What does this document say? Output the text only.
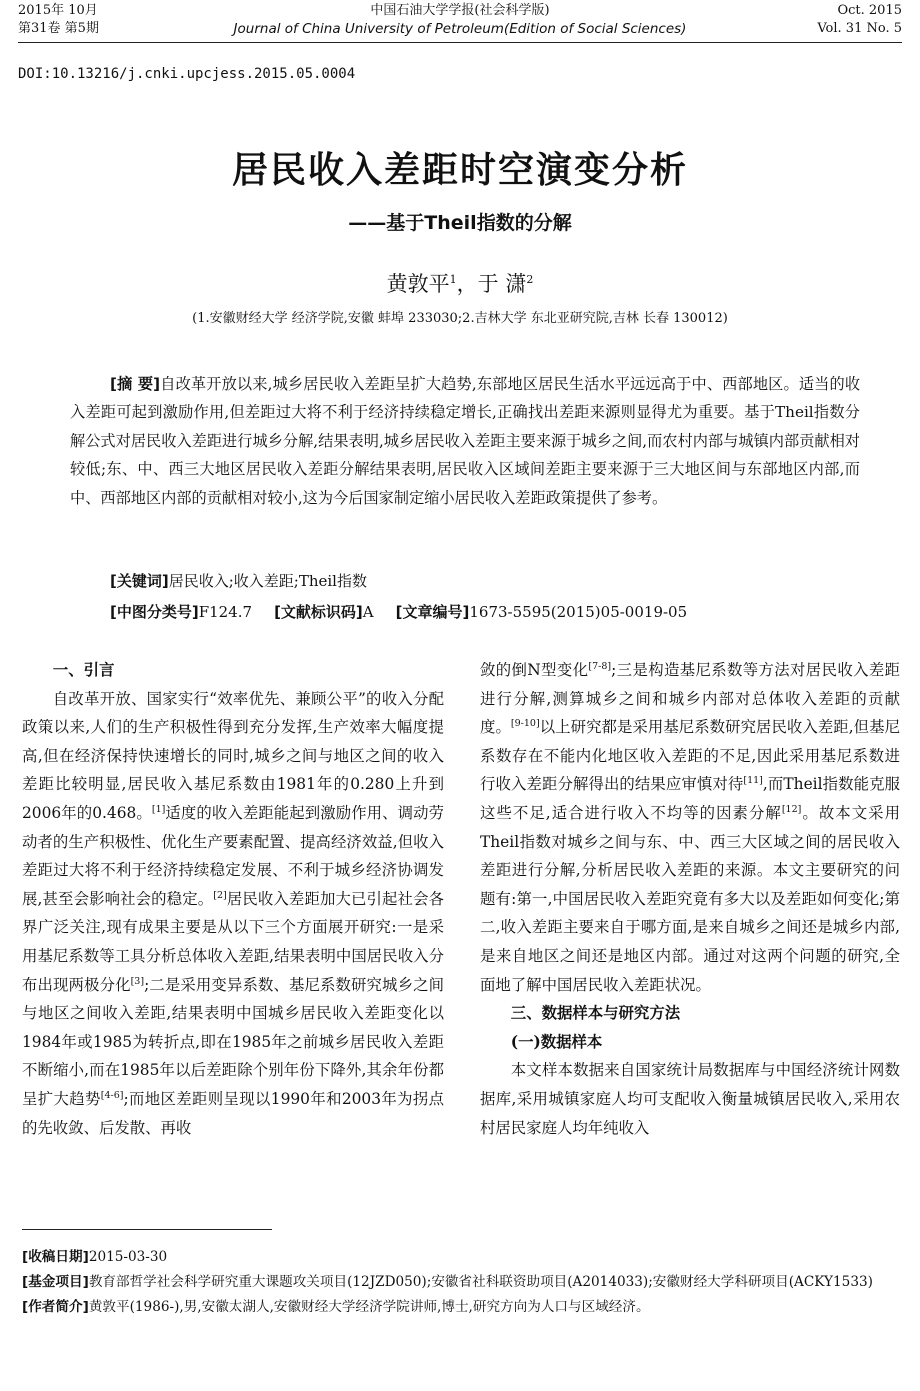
2015年 10月
第31卷 第5期
中国石油大学学报(社会科学版)
Journal of China University of Petroleum(Edition of Social Sciences)
Oct. 2015
Vol. 31 No. 5
DOI:10.13216/j.cnki.upcjess.2015.05.0004
居民收入差距时空演变分析
——基于Theil指数的分解
黄敦平$^1$，于 潇$^2$
(1.安徽财经大学 经济学院,安徽 蚌埠 233030;2.吉林大学 东北亚研究院,吉林 长春 130012)
[摘 要]自改革开放以来,城乡居民收入差距呈扩大趋势,东部地区居民生活水平远远高于中、西部地区。适当的收入差距可起到激励作用,但差距过大将不利于经济持续稳定增长,正确找出差距来源则显得尤为重要。基于Theil指数分解公式对居民收入差距进行城乡分解,结果表明,城乡居民收入差距主要来源于城乡之间,而农村内部与城镇内部贡献相对较低;东、中、西三大地区居民收入差距分解结果表明,居民收入区域间差距主要来源于三大地区间与东部地区内部,而中、西部地区内部的贡献相对较小,这为今后国家制定缩小居民收入差距政策提供了参考。
[关键词]居民收入;收入差距;Theil指数
[中图分类号]F124.7 [文献标识码]A [文章编号]1673-5595(2015)05-0019-05
一、引言

自改革开放、国家实行“效率优先、兼顾公平”的收入分配政策以来,人们的生产积极性得到充分发挥,生产效率大幅度提高,但在经济保持快速增长的同时,城乡之间与地区之间的收入差距比较明显,居民收入基尼系数由1981年的0.280上升到2006年的0.468。[1]适度的收入差距能起到激励作用、调动劳动者的生产积极性、优化生产要素配置、提高经济效益,但收入差距过大将不利于经济持续稳定发展、不利于城乡经济协调发展,甚至会影响社会的稳定。[2]居民收入差距加大已引起社会各界广泛关注,现有成果主要是从以下三个方面展开研究:一是采用基尼系数等工具分析总体收入差距,结果表明中国居民收入分布出现两极分化[3];二是采用变异系数、基尼系数研究城乡之间与地区之间收入差距,结果表明中国城乡居民收入差距变化以1984年或1985为转折点,即在1985年之前城乡居民收入差距不断缩小,而在1985年以后差距除个别年份下降外,其余年份都呈扩大趋势[4-6];而地区差距则呈现以1990年和2003年为拐点的先收敛、后发散、再收

敛的倒N型变化[7-8];三是构造基尼系数等方法对居民收入差距进行分解,测算城乡之间和城乡内部对总体收入差距的贡献度。[9-10]以上研究都是采用基尼系数研究居民收入差距,但基尼系数存在不能内化地区收入差距的不足,因此采用基尼系数进行收入差距分解得出的结果应审慎对待[11],而Theil指数能克服这些不足,适合进行收入不均等的因素分解[12]。故本文采用Theil指数对城乡之间与东、中、西三大区域之间的居民收入差距进行分解,分析居民收入差距的来源。本文主要研究的问题有:第一,中国居民收入差距究竟有多大以及差距如何变化;第二,收入差距主要来自于哪方面,是来自城乡之间还是城乡内部,是来自地区之间还是地区内部。通过对这两个问题的研究,全面地了解中国居民收入差距状况。

三、数据样本与研究方法
(一)数据样本

本文样本数据来自国家统计局数据库与中国经济统计网数据库,采用城镇家庭人均可支配收入衡量城镇居民收入,采用农村居民家庭人均年纯收入

[收稿日期]2015-03-30

[基金项目]教育部哲学社会科学研究重大课题攻关项目(12JZD050);安徽省社科联资助项目(A2014033);安徽财经大学科研项目(ACKY1533)

[作者简介]黄敦平(1986-),男,安徽太湖人,安徽财经大学经济学院讲师,博士,研究方向为人口与区域经济。
